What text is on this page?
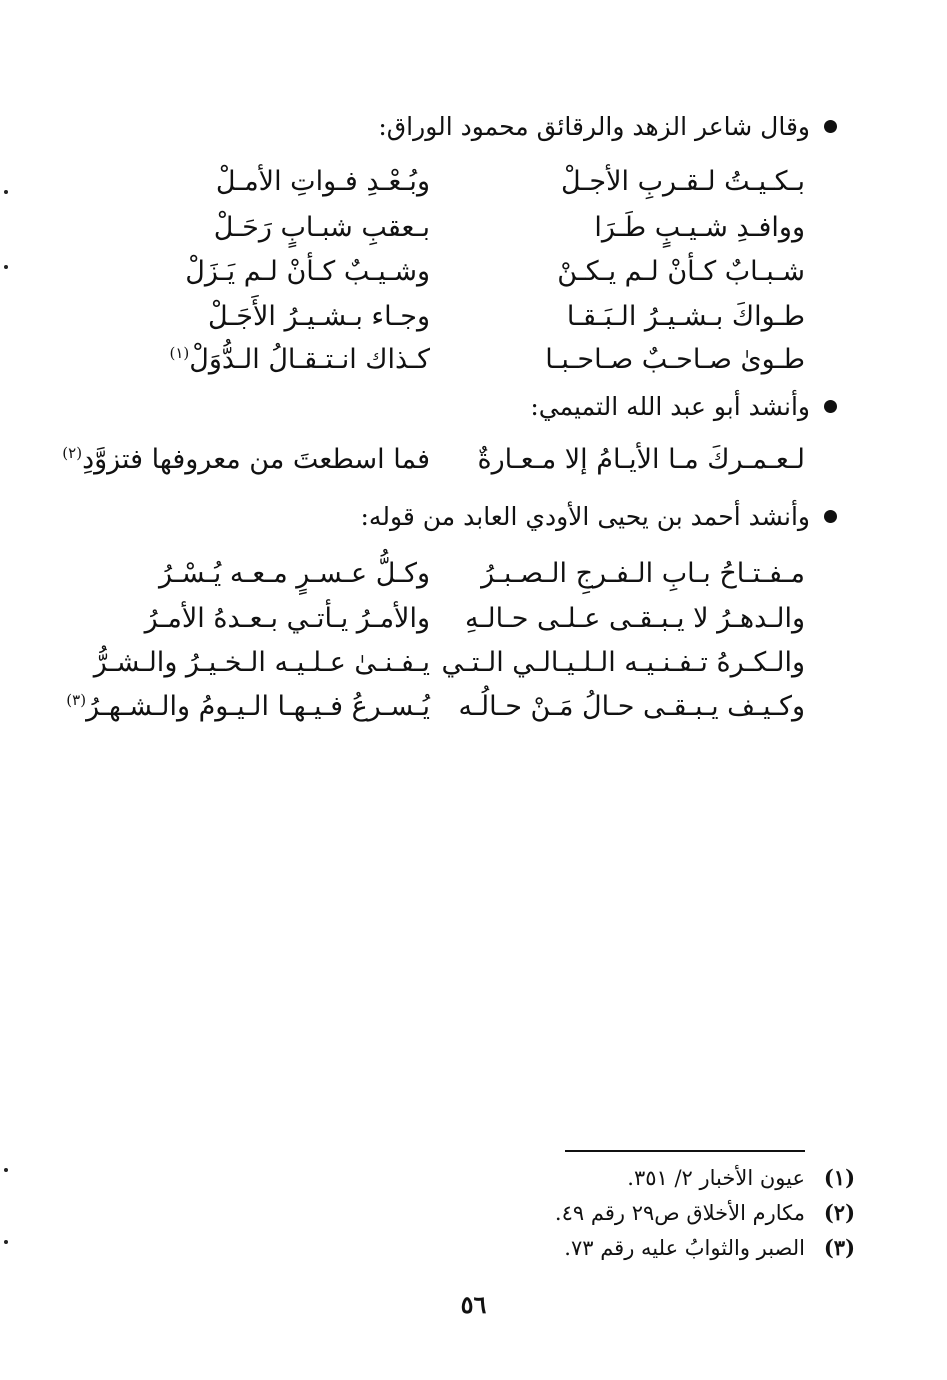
وقال شاعر الزهد والرقائق محمود الوراق:
بـكـيـتُ لـقـربِ الأجـلْ
وبُـعْـدِ فـواتِ الأمـلْ
ووافـدِ شـيـبٍ طَـرَا
بـعقبِ شبـابٍ رَحَـلْ
شـبـابٌ كـأنْ لـم يـكـنْ
وشـيـبٌ كـأنْ لـم يَـزَلْ
طـواكَ بـشـيـرُ الـبَـقـا
وجـاء بـشـيـرُ الأَجَـلْ
طـوىٰ صـاحـبٌ صـاحـبـا
كـذاك انـتـقـالُ الـدُّوَلْ$^{(١)}$
وأنشد أبو عبد الله التميمي:
لـعـمـركَ مـا الأيـامُ إلا مـعـارةٌ
فما اسطعتَ من معروفها فتزوَّدِ$^{(٢)}$
وأنشد أحمد بن يحيى الأودي العابد من قوله:
مـفـتـاحُ بـابِ الـفـرجِ الـصـبـرُ
وكـلُّ عـسـرٍ مـعـه يُـسْـرُ
والـدهـرُ لا يـبـقـى عـلـى حـالـهِ
والأمـرُ يـأتـي بـعـدهُ الأمـرُ
والـكـرهُ تـفـنـيـه الـلـيـالـي الـتـي
يـفـنـىٰ عـلـيـه الـخـيـرُ والـشـرُّ
وكـيـف يـبـقـى حـالُ مَـنْ حـالُـه
يُـسـرعُ فـيـهـا الـيـومُ والـشـهـرُ$^{(٣)}$
(١)
عيون الأخبار ٢/ ٣٥١.
(٢)
مكارم الأخلاق ص٢٩ رقم ٤٩.
(٣)
الصبر والثوابُ عليه رقم ٧٣.
٥٦
